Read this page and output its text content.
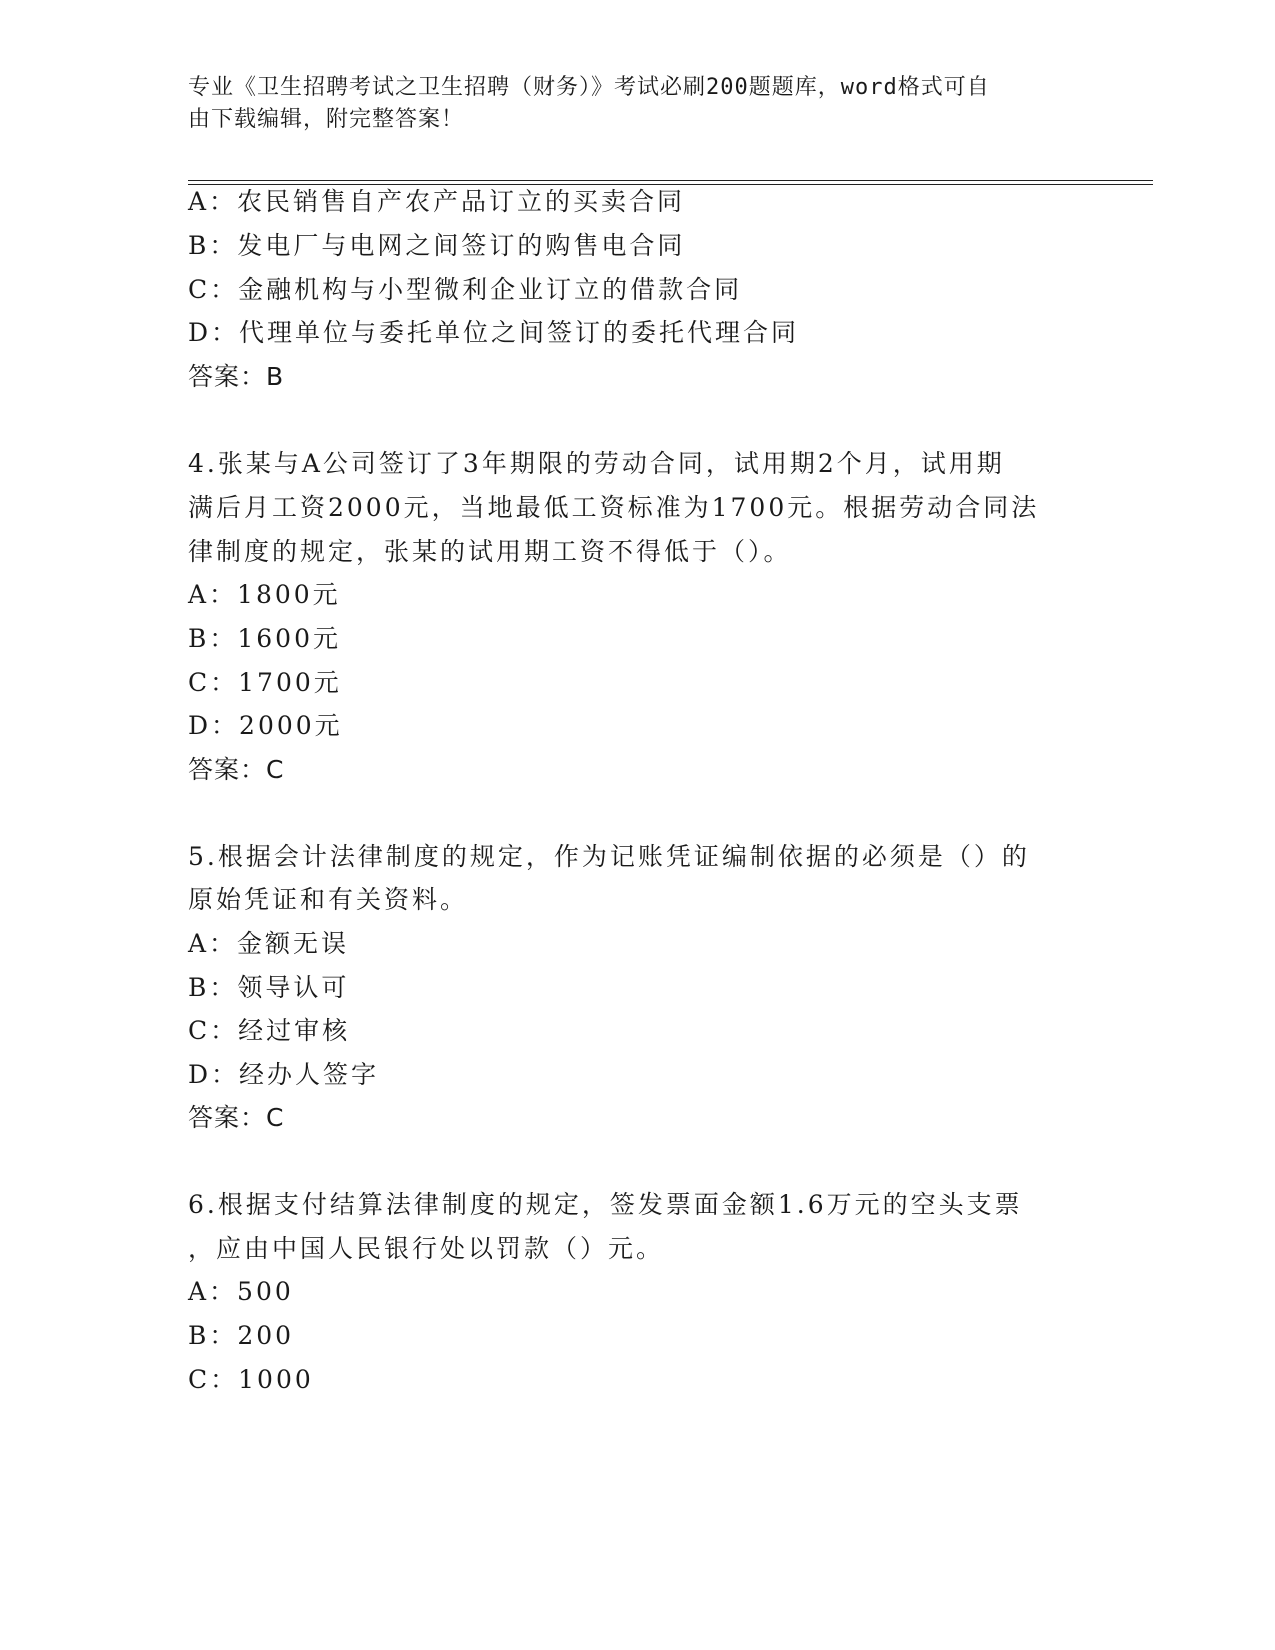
专业《卫生招聘考试之卫生招聘（财务）》考试必刷200题题库，word格式可自
由下载编辑，附完整答案！
A：农民销售自产农产品订立的买卖合同
B：发电厂与电网之间签订的购售电合同
C：金融机构与小型微利企业订立的借款合同
D：代理单位与委托单位之间签订的委托代理合同
答案：B
4.张某与A公司签订了3年期限的劳动合同，试用期2个月，试用期
满后月工资2000元，当地最低工资标准为1700元。根据劳动合同法
律制度的规定，张某的试用期工资不得低于（）。
A：1800元
B：1600元
C：1700元
D：2000元
答案：C
5.根据会计法律制度的规定，作为记账凭证编制依据的必须是（）的
原始凭证和有关资料。
A：金额无误
B：领导认可
C：经过审核
D：经办人签字
答案：C
6.根据支付结算法律制度的规定，签发票面金额1.6万元的空头支票
，应由中国人民银行处以罚款（）元。
A：500
B：200
C：1000
